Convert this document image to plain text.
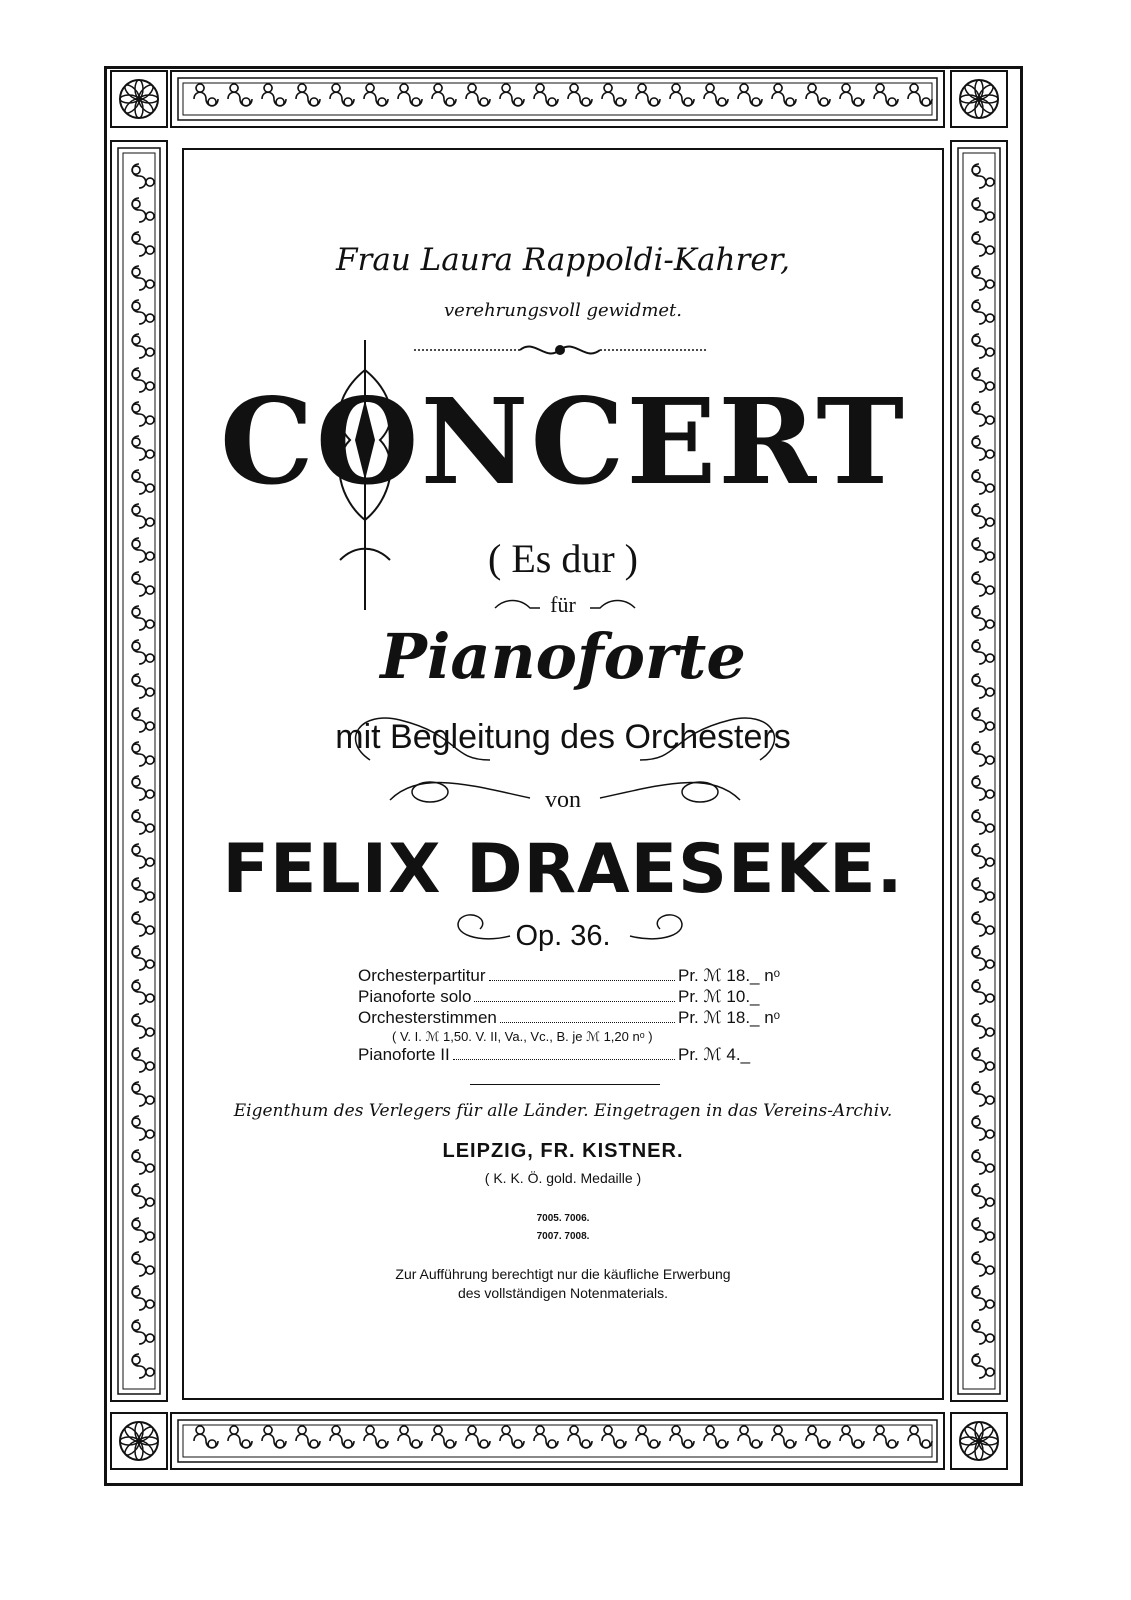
Frau Laura Rappoldi-Kahrer,
verehrungsvoll gewidmet.
CONCERT
( Es dur )
für
Pianoforte
mit Begleitung des Orchesters
von
FELIX DRAESEKE.
Op. 36.
Orchesterpartitur	Pr. ℳ 18._ nᵒ
Pianoforte solo	Pr. ℳ 10._
Orchesterstimmen	Pr. ℳ 18._ nᵒ
( V. I. ℳ 1,50. V. II, Va., Vc., B. je ℳ 1,20 nᵒ )
Pianoforte II	Pr. ℳ 4._
Eigenthum des Verlegers für alle Länder. Eingetragen in das Vereins-Archiv.
LEIPZIG, FR. KISTNER.
( K. K. Ö. gold. Medaille )
7005. 7006.
7007. 7008.
Zur Aufführung berechtigt nur die käufliche Erwerbung
des vollständigen Notenmaterials.
